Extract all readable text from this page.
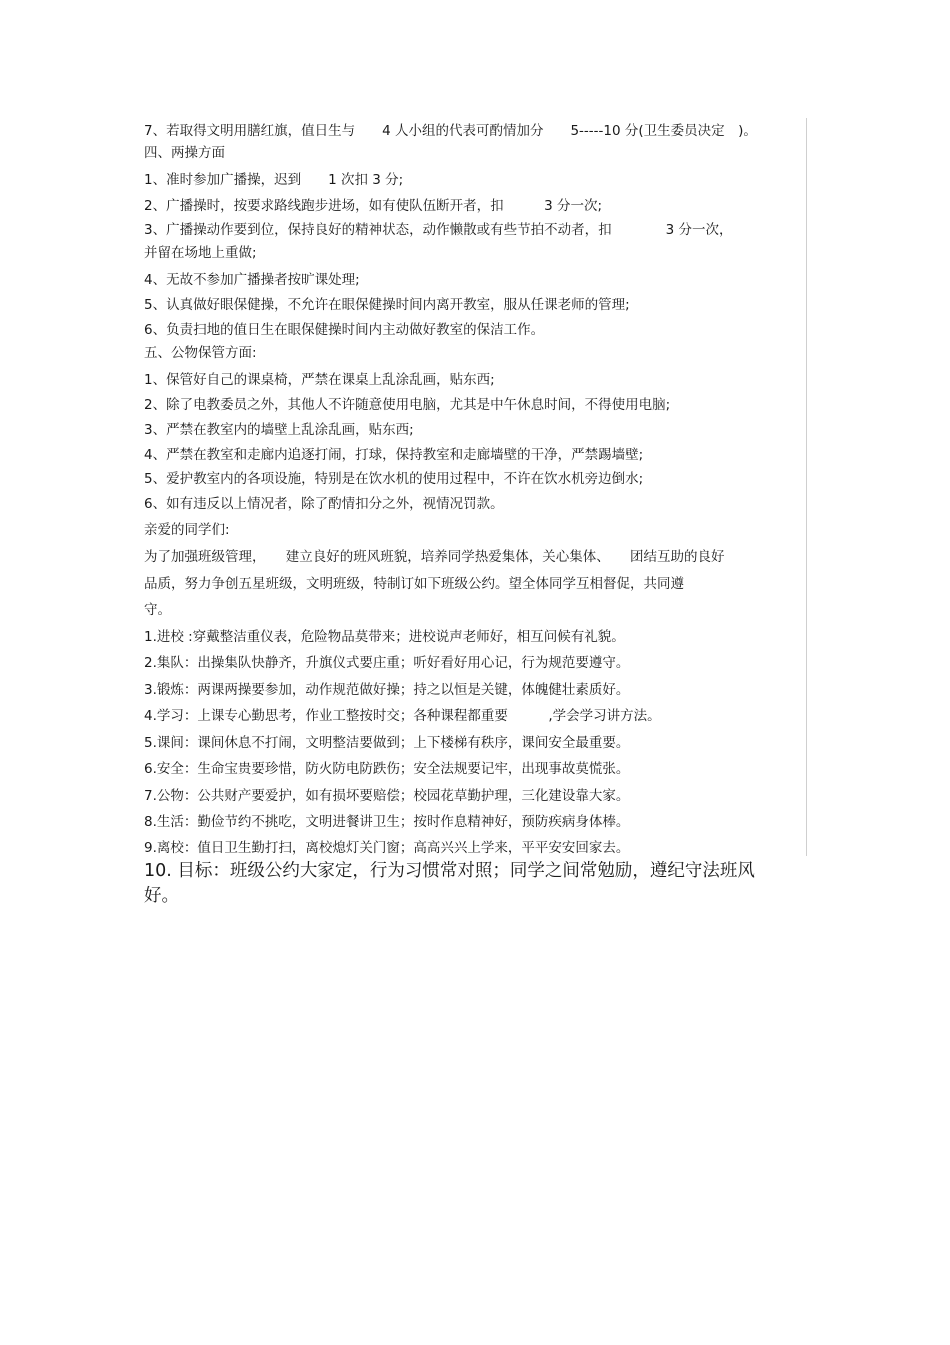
7、若取得文明用膳红旗，值日生与　　4 人小组的代表可酌情加分　　5-----10 分(卫生委员决定　)。
四、两操方面
1、准时参加广播操，迟到　　1 次扣 3 分;
2、广播操时，按要求路线跑步进场，如有使队伍断开者，扣　　　3 分一次;
3、广播操动作要到位，保持良好的精神状态，动作懒散或有些节拍不动者，扣　　　　3 分一次，
并留在场地上重做;
4、无故不参加广播操者按旷课处理;
5、认真做好眼保健操，不允许在眼保健操时间内离开教室，服从任课老师的管理;
6、负责扫地的值日生在眼保健操时间内主动做好教室的保洁工作。
五、公物保管方面:
1、保管好自己的课桌椅，严禁在课桌上乱涂乱画，贴东西;
2、除了电教委员之外，其他人不许随意使用电脑，尤其是中午休息时间，不得使用电脑;
3、严禁在教室内的墙壁上乱涂乱画，贴东西;
4、严禁在教室和走廊内追逐打闹，打球，保持教室和走廊墙壁的干净，严禁踢墙壁;
5、爱护教室内的各项设施，特别是在饮水机的使用过程中，不许在饮水机旁边倒水;
6、如有违反以上情况者，除了酌情扣分之外，视情况罚款。
亲爱的同学们:
为了加强班级管理，　　建立良好的班风班貌，培养同学热爱集体，关心集体、　　团结互助的良好
品质，努力争创五星班级，文明班级，特制订如下班级公约。望全体同学互相督促，共同遵
守。
1.进校 :穿戴整洁重仪表，危险物品莫带来；进校说声老师好，相互问候有礼貌。
2.集队：出操集队快静齐，升旗仪式要庄重；听好看好用心记，行为规范要遵守。
3.锻炼：两课两操要参加，动作规范做好操；持之以恒是关键，体魄健壮素质好。
4.学习：上课专心勤思考，作业工整按时交；各种课程都重要　　　,学会学习讲方法。
5.课间：课间休息不打闹，文明整洁要做到；上下楼梯有秩序，课间安全最重要。
6.安全：生命宝贵要珍惜，防火防电防跌伤；安全法规要记牢，出现事故莫慌张。
7.公物：公共财产要爱护，如有损坏要赔偿；校园花草勤护理，三化建设靠大家。
8.生活：勤俭节约不挑吃，文明进餐讲卫生；按时作息精神好，预防疾病身体棒。
9.离校：值日卫生勤打扫，离校熄灯关门窗；高高兴兴上学来，平平安安回家去。
10. 目标：班级公约大家定，行为习惯常对照；同学之间常勉励，遵纪守法班风
好。
